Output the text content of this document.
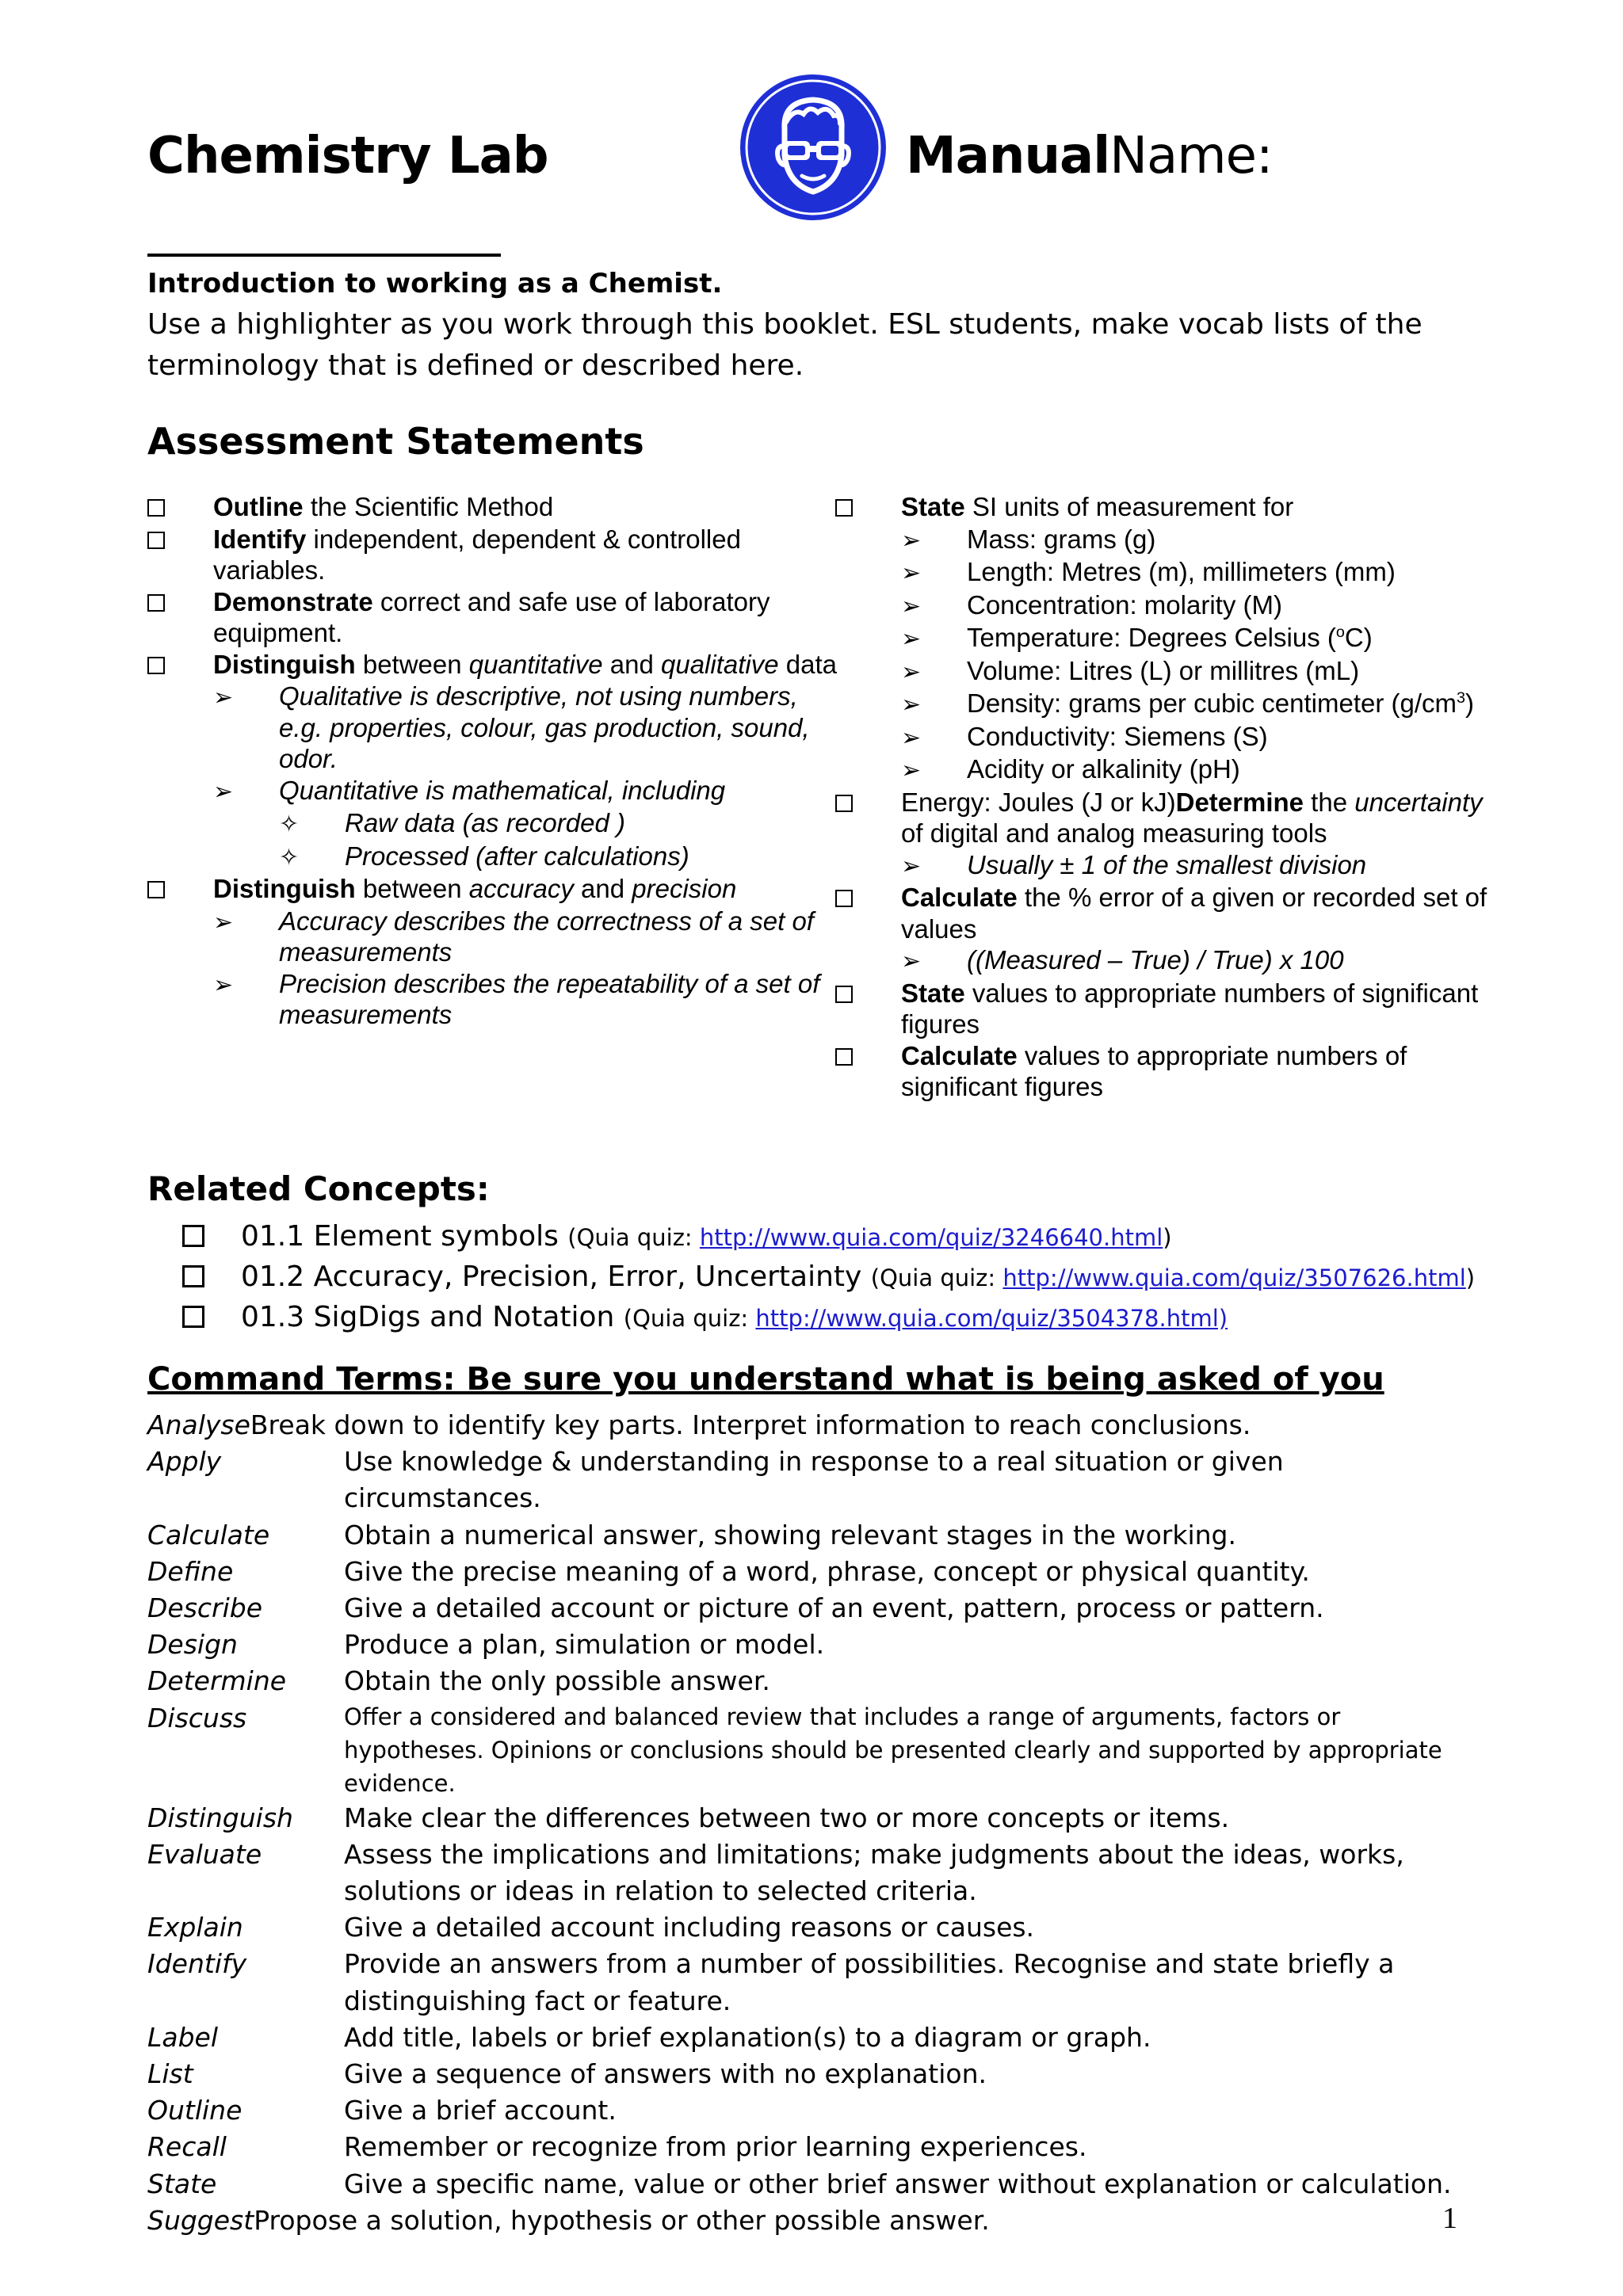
Chemistry Lab	ManualName:
Introduction to working as a Chemist.
Use a highlighter as you work through this booklet. ESL students, make vocab lists of the terminology that is defined or described here.
Assessment Statements
Outline the Scientific Method
Identify independent, dependent & controlled variables.
Demonstrate correct and safe use of laboratory equipment.
Distinguish between quantitative and qualitative data
➢	Qualitative is descriptive, not using numbers, e.g. properties, colour, gas production, sound, odor.
➢	Quantitative is mathematical, including
✧	Raw data (as recorded )
✧	Processed (after calculations)
Distinguish between accuracy and precision
➢	Accuracy describes the correctness of a set of measurements
➢	Precision describes the repeatability of a set of measurements
State SI units of measurement for
➢	Mass: grams (g)
➢	Length: Metres (m), millimeters (mm)
➢	Concentration: molarity (M)
➢	Temperature: Degrees Celsius ($^o$C)
➢	Volume: Litres (L) or millitres (mL)
➢	Density: grams per cubic centimeter $(g/cm^3)$
➢	Conductivity: Siemens (S)
➢	Acidity or alkalinity (pH)
Energy: Joules (J or kJ)Determine the uncertainty of digital and analog measuring tools
➢	Usually ± 1 of the smallest division
Calculate the % error of a given or recorded set of values
➢	((Measured – True) / True) x 100
State values to appropriate numbers of significant figures
Calculate values to appropriate numbers of significant figures
Related Concepts:
01.1 Element symbols (Quia quiz: http://www.quia.com/quiz/3246640.html)
01.2 Accuracy, Precision, Error, Uncertainty (Quia quiz: http://www.quia.com/quiz/3507626.html)
01.3 SigDigs and Notation (Quia quiz: http://www.quia.com/quiz/3504378.html)
Command Terms: Be sure you understand what is being asked of you
Analyse Break down to identify key parts. Interpret information to reach conclusions.
Apply	Use knowledge & understanding in response to a real situation or given circumstances.
Calculate	Obtain a numerical answer, showing relevant stages in the working.
Define	Give the precise meaning of a word, phrase, concept or physical quantity.
Describe	Give a detailed account or picture of an event, pattern, process or pattern.
Design	Produce a plan, simulation or model.
Determine	Obtain the only possible answer.
Discuss	Offer a considered and balanced review that includes a range of arguments, factors or hypotheses. Opinions or conclusions should be presented clearly and supported by appropriate evidence.
Distinguish	Make clear the differences between two or more concepts or items.
Evaluate	Assess the implications and limitations; make judgments about the ideas, works, solutions or ideas in relation to selected criteria.
Explain	Give a detailed account including reasons or causes.
Identify	Provide an answers from a number of possibilities. Recognise and state briefly a distinguishing fact or feature.
Label	Add title, labels or brief explanation(s) to a diagram or graph.
List	Give a sequence of answers with no explanation.
Outline	Give a brief account.
Recall	Remember or recognize from prior learning experiences.
State	Give a specific name, value or other brief answer without explanation or calculation.
Suggest Propose a solution, hypothesis or other possible answer.	1
